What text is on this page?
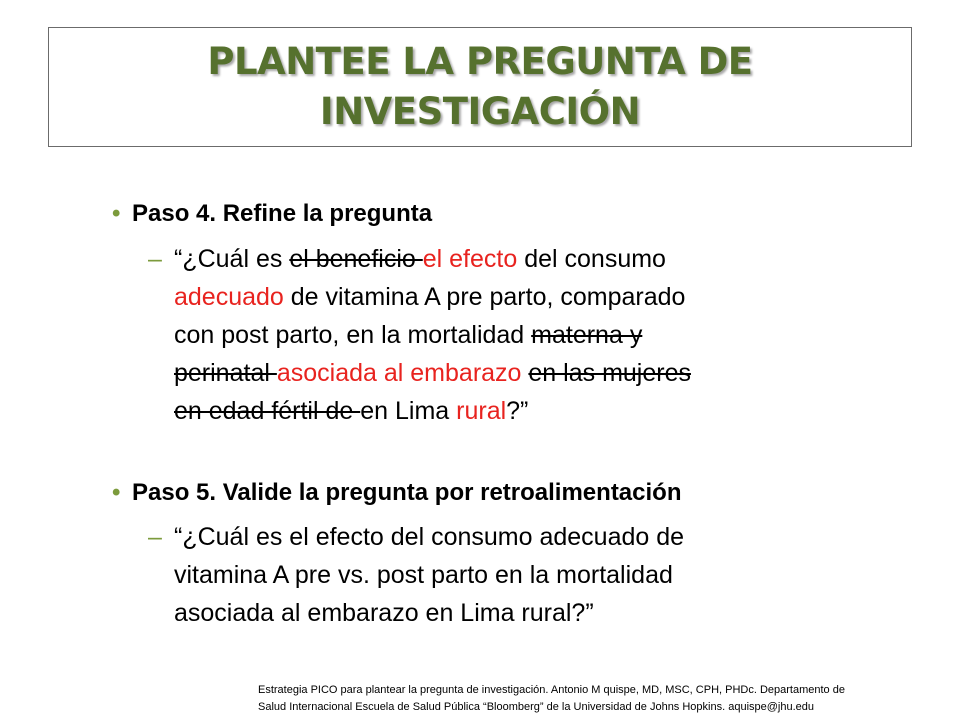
PLANTEE LA PREGUNTA DE
INVESTIGACIÓN
• Paso 4. Refine la pregunta
– “¿Cuál es el beneficio el efecto del consumo
adecuado de vitamina A pre parto, comparado
con post parto, en la mortalidad materna y
perinatal asociada al embarazo en las mujeres
en edad fértil de en Lima rural?”
• Paso 5. Valide la pregunta por retroalimentación
– “¿Cuál es el efecto del consumo adecuado de
vitamina A pre vs. post parto en la mortalidad
asociada al embarazo en Lima rural?”
Estrategia PICO para plantear la pregunta de investigación. Antonio M quispe, MD, MSC, CPH, PHDc. Departamento de
Salud Internacional Escuela de Salud Pública “Bloomberg” de la Universidad de Johns Hopkins. aquispe@jhu.edu
